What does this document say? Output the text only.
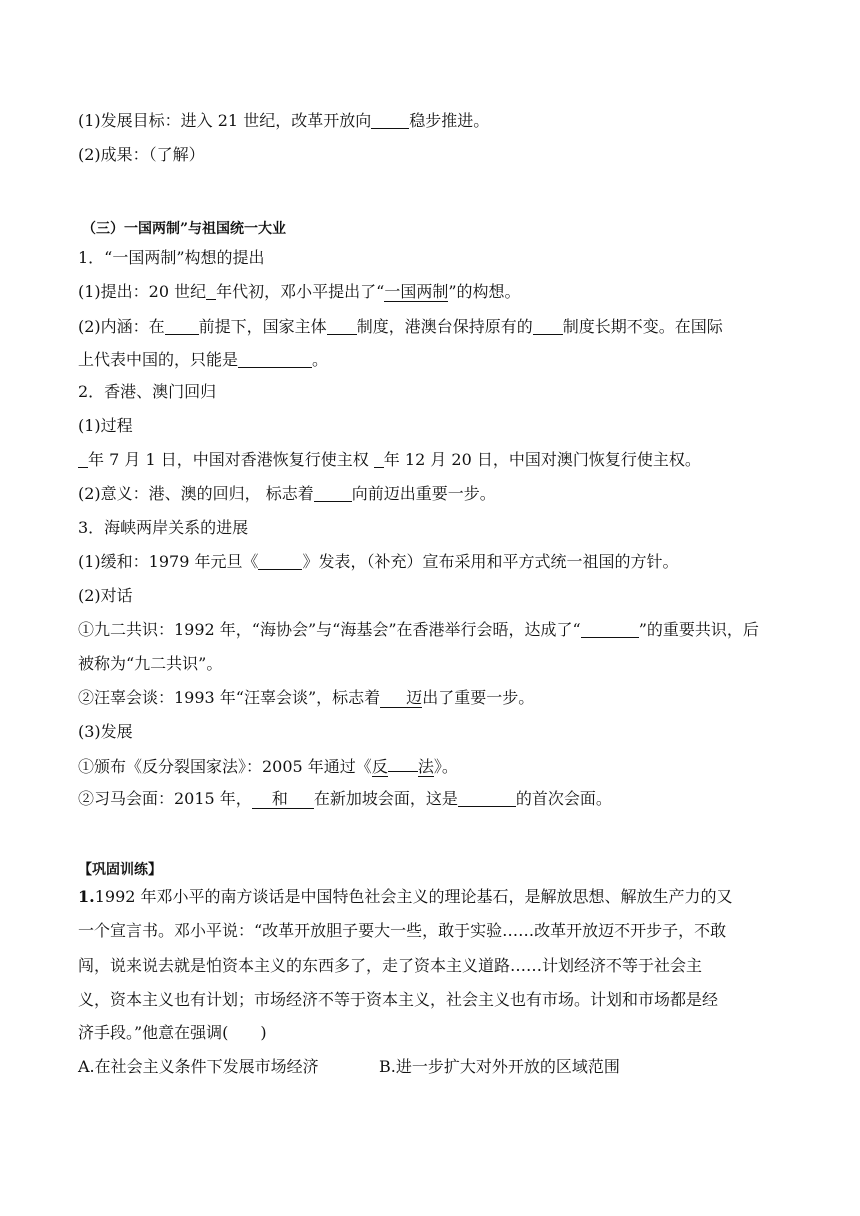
(1)发展目标：进入 21 世纪，改革开放向 稳步推进。
(2)成果：（了解）
（三）一国两制”与祖国统一大业
1．“一国两制”构想的提出
(1)提出：20 世纪 年代初，邓小平提出了“一国两制”的构想。
(2)内涵：在 前提下，国家主体 制度，港澳台保持原有的 制度长期不变。在国际
上代表中国的，只能是	。
2．香港、澳门回归
(1)过程
年 7 月 1 日，中国对香港恢复行使主权 年 12 月 20 日，中国对澳门恢复行使主权。
(2)意义：港、澳的回归， 标志着 向前迈出重要一步。
3．海峡两岸关系的进展
(1)缓和：1979 年元旦《	》发表，（补充）宣布采用和平方式统一祖国的方针。
(2)对话
①九二共识：1992 年，“海协会”与“海基会”在香港举行会晤，达成了“	”的重要共识，后
被称为“九二共识”。
②汪辜会谈：1993 年“汪辜会谈”，标志着 迈出了重要一步。
(3)发展
①颁布《反分裂国家法》：2005 年通过《反 法》。
②习马会面：2015 年， 和 在新加坡会面，这是	的首次会面。
【巩固训练】
1.1992 年邓小平的南方谈话是中国特色社会主义的理论基石，是解放思想、解放生产力的又
一个宣言书。邓小平说：“改革开放胆子要大一些，敢于实验……改革开放迈不开步子，不敢
闯，说来说去就是怕资本主义的东西多了，走了资本主义道路……计划经济不等于社会主
义，资本主义也有计划；市场经济不等于资本主义，社会主义也有市场。计划和市场都是经
济手段。”他意在强调(　　)
A.在社会主义条件下发展市场经济	B.进一步扩大对外开放的区域范围
